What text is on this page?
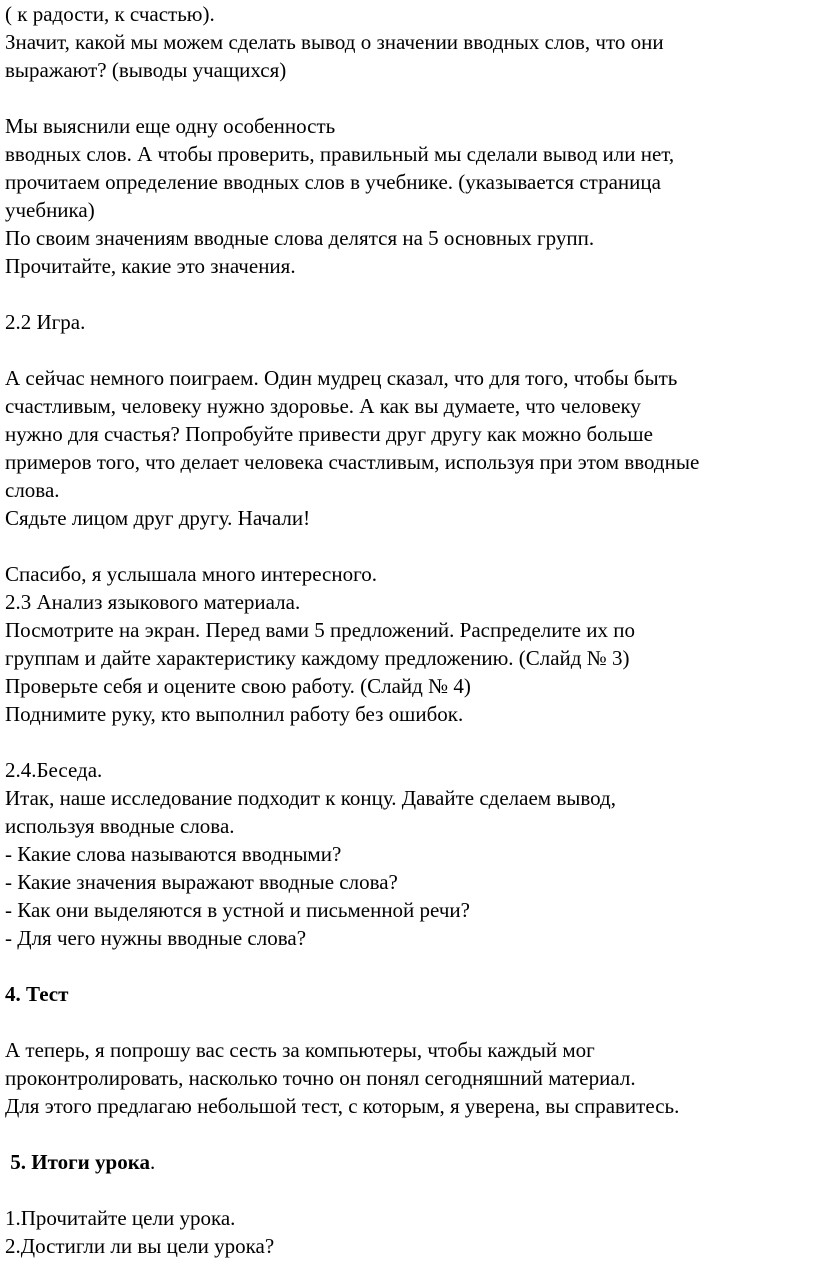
( к радости, к счастью).
Значит, какой мы можем сделать вывод о значении вводных слов, что они
выражают? (выводы учащихся)
Мы выяснили еще одну особенность
вводных слов. А чтобы проверить, правильный мы сделали вывод или нет,
прочитаем определение вводных слов в учебнике. (указывается страница
учебника)
По своим значениям вводные слова делятся на 5 основных групп.
Прочитайте, какие это значения.
2.2 Игра.
А сейчас немного поиграем. Один мудрец сказал, что для того, чтобы быть
счастливым, человеку нужно здоровье. А как вы думаете, что человеку
нужно для счастья? Попробуйте привести друг другу как можно больше
примеров того, что делает человека счастливым, используя при этом вводные
слова.
Сядьте лицом друг другу. Начали!
Спасибо, я услышала много интересного.
2.3 Анализ языкового материала.
Посмотрите на экран. Перед вами 5 предложений. Распределите их по
группам и дайте характеристику каждому предложению. (Слайд № 3)
Проверьте себя и оцените свою работу. (Слайд № 4)
Поднимите руку, кто выполнил работу без ошибок.
2.4.Беседа.
Итак, наше исследование подходит к концу. Давайте сделаем вывод,
используя вводные слова.
- Какие слова называются вводными?
- Какие значения выражают вводные слова?
- Как они выделяются в устной и письменной речи?
- Для чего нужны вводные слова?
4. Тест
А теперь, я попрошу вас сесть за компьютеры, чтобы каждый мог
проконтролировать, насколько точно он понял сегодняшний материал.
Для этого предлагаю небольшой тест, с которым, я уверена, вы справитесь.
5. Итоги урока.
1.Прочитайте цели урока.
2.Достигли ли вы цели урока?
